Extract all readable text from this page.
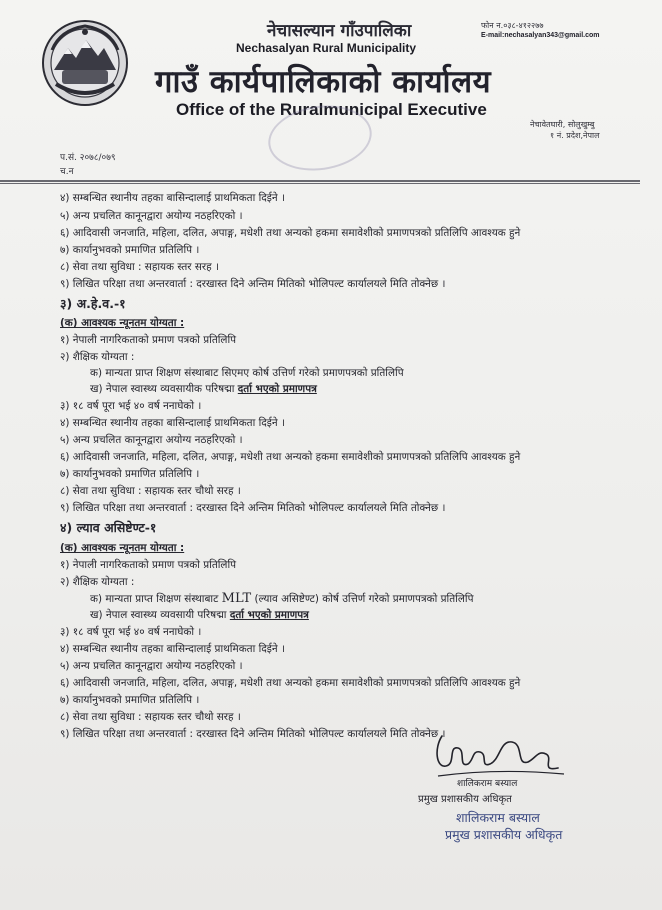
नेचासल्यान गाँउपालिका
Nechasalyan Rural Municipality
गाउँ कार्यपालिकाको कार्यालय
Office of the Ruralmunicipal Executive
फोन न.०३८-४१२२७७
E-mail:nechasalyan343@gmail.com
नेचावेतघारी, सोलुखुम्बु
१ नं. प्रदेश,नेपाल
प.सं. २०७८/०७९
च.न
४) सम्बन्धित स्थानीय तहका बासिन्दालाई प्राथमिकता दिईने ।
५) अन्य प्रचलित कानूनद्वारा अयोग्य नठहरिएको ।
६) आदिवासी जनजाति, महिला, दलित, अपाङ्ग, मधेशी तथा अन्यको हकमा समावेशीको प्रमाणपत्रको प्रतिलिपि आवश्यक हुने
७) कार्यानुभवको प्रमाणित प्रतिलिपि ।
८) सेवा तथा सुविधा : सहायक स्तर सरह ।
९) लिखित परिक्षा तथा अन्तरवार्ता : दरखास्त दिने अन्तिम मितिको भोलिपल्ट कार्यालयले मिति तोक्नेछ ।
३) अ.हे.व.-१
(क) आवश्यक न्यूनतम योग्यता :
१) नेपाली नागरिकताको प्रमाण पत्रको प्रतिलिपि
२) शैक्षिक योग्यता :
क) मान्यता प्राप्त शिक्षण संस्थाबाट सिएमए कोर्ष उत्तिर्ण गरेको प्रमाणपत्रको प्रतिलिपि
ख) नेपाल स्वास्थ्य व्यवसायीक परिषद्मा दर्ता भएको प्रमाणपत्र
३) १८ वर्ष पूरा भई ४० वर्ष ननाघेको ।
४) सम्बन्धित स्थानीय तहका बासिन्दालाई प्राथमिकता दिईने ।
५) अन्य प्रचलित कानूनद्वारा अयोग्य नठहरिएको ।
६) आदिवासी जनजाति, महिला, दलित, अपाङ्ग, मधेशी तथा अन्यको हकमा समावेशीको प्रमाणपत्रको प्रतिलिपि आवश्यक हुने
७) कार्यानुभवको प्रमाणित प्रतिलिपि ।
८) सेवा तथा सुविधा : सहायक स्तर चौथो सरह ।
९) लिखित परिक्षा तथा अन्तरवार्ता : दरखास्त दिने अन्तिम मितिको भोलिपल्ट कार्यालयले मिति तोक्नेछ ।
४) ल्याव असिष्टेण्ट-१
(क) आवश्यक न्यूनतम योग्यता :
१) नेपाली नागरिकताको प्रमाण पत्रको प्रतिलिपि
२) शैक्षिक योग्यता :
क) मान्यता प्राप्त शिक्षण संस्थाबाट MLT (ल्याव असिष्टेण्ट) कोर्ष उत्तिर्ण गरेको प्रमाणपत्रको प्रतिलिपि
ख) नेपाल स्वास्थ्य व्यवसायी परिषद्मा दर्ता भएको प्रमाणपत्र
३) १८ वर्ष पूरा भई ४० वर्ष ननाघेको ।
४) सम्बन्धित स्थानीय तहका बासिन्दालाई प्राथमिकता दिईने ।
५) अन्य प्रचलित कानूनद्वारा अयोग्य नठहरिएको ।
६) आदिवासी जनजाति, महिला, दलित, अपाङ्ग, मधेशी तथा अन्यको हकमा समावेशीको प्रमाणपत्रको प्रतिलिपि आवश्यक हुने
७) कार्यानुभवको प्रमाणित प्रतिलिपि ।
८) सेवा तथा सुविधा : सहायक स्तर चौथो सरह ।
९) लिखित परिक्षा तथा अन्तरवार्ता : दरखास्त दिने अन्तिम मितिको भोलिपल्ट कार्यालयले मिति तोक्नेछ ।
शालिकराम बस्याल
प्रमुख प्रशासकीय अधिकृत
शालिकराम बस्याल
प्रमुख प्रशासकीय अधिकृत
